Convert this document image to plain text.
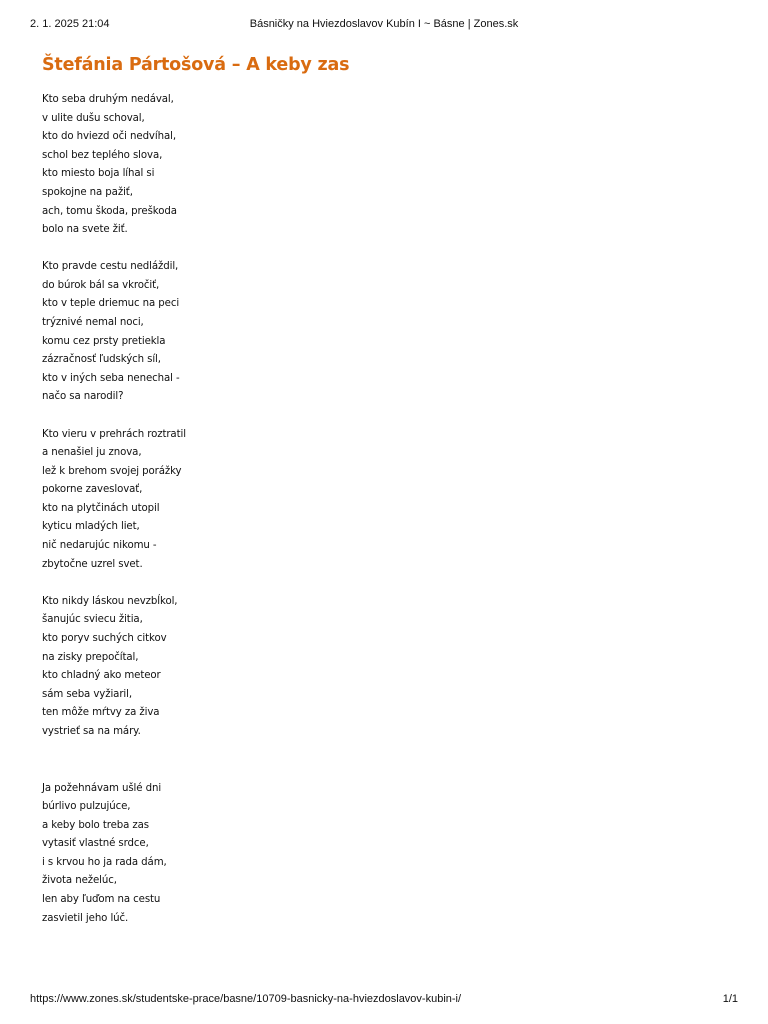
2. 1. 2025 21:04	Básničky na Hviezdoslavov Kubín I ~ Básne | Zones.sk
Štefánia Pártošová – A keby zas
Kto seba druhým nedával,
v ulite dušu schoval,
kto do hviezd oči nedvíhal,
schol bez teplého slova,
kto miesto boja líhal si
spokojne na pažiť,
ach, tomu škoda, preškoda
bolo na svete žiť.
Kto pravde cestu nedláždil,
do búrok bál sa vkročiť,
kto v teple driemuc na peci
trýznivé nemal noci,
komu cez prsty pretiekla
zázračnosť ľudských síl,
kto v iných seba nenechal -
načo sa narodil?
Kto vieru v prehrách roztratil
a nenašiel ju znova,
lež k brehom svojej porážky
pokorne zaveslovať,
kto na plytčinách utopil
kyticu mladých liet,
nič nedarujúc nikomu -
zbytočne uzrel svet.
Kto nikdy láskou nevzbĺkol,
šanujúc sviecu žitia,
kto poryv suchých citkov
na zisky prepočítal,
kto chladný ako meteor
sám seba vyžiaril,
ten môže mŕtvy za živa
vystrieť sa na máry.
Ja požehnávam ušlé dni
búrlivo pulzujúce,
a keby bolo treba zas
vytasiť vlastné srdce,
i s krvou ho ja rada dám,
života neželúc,
len aby ľuďom na cestu
zasvietil jeho lúč.
https://www.zones.sk/studentske-prace/basne/10709-basnicky-na-hviezdoslavov-kubin-i/	1/1
